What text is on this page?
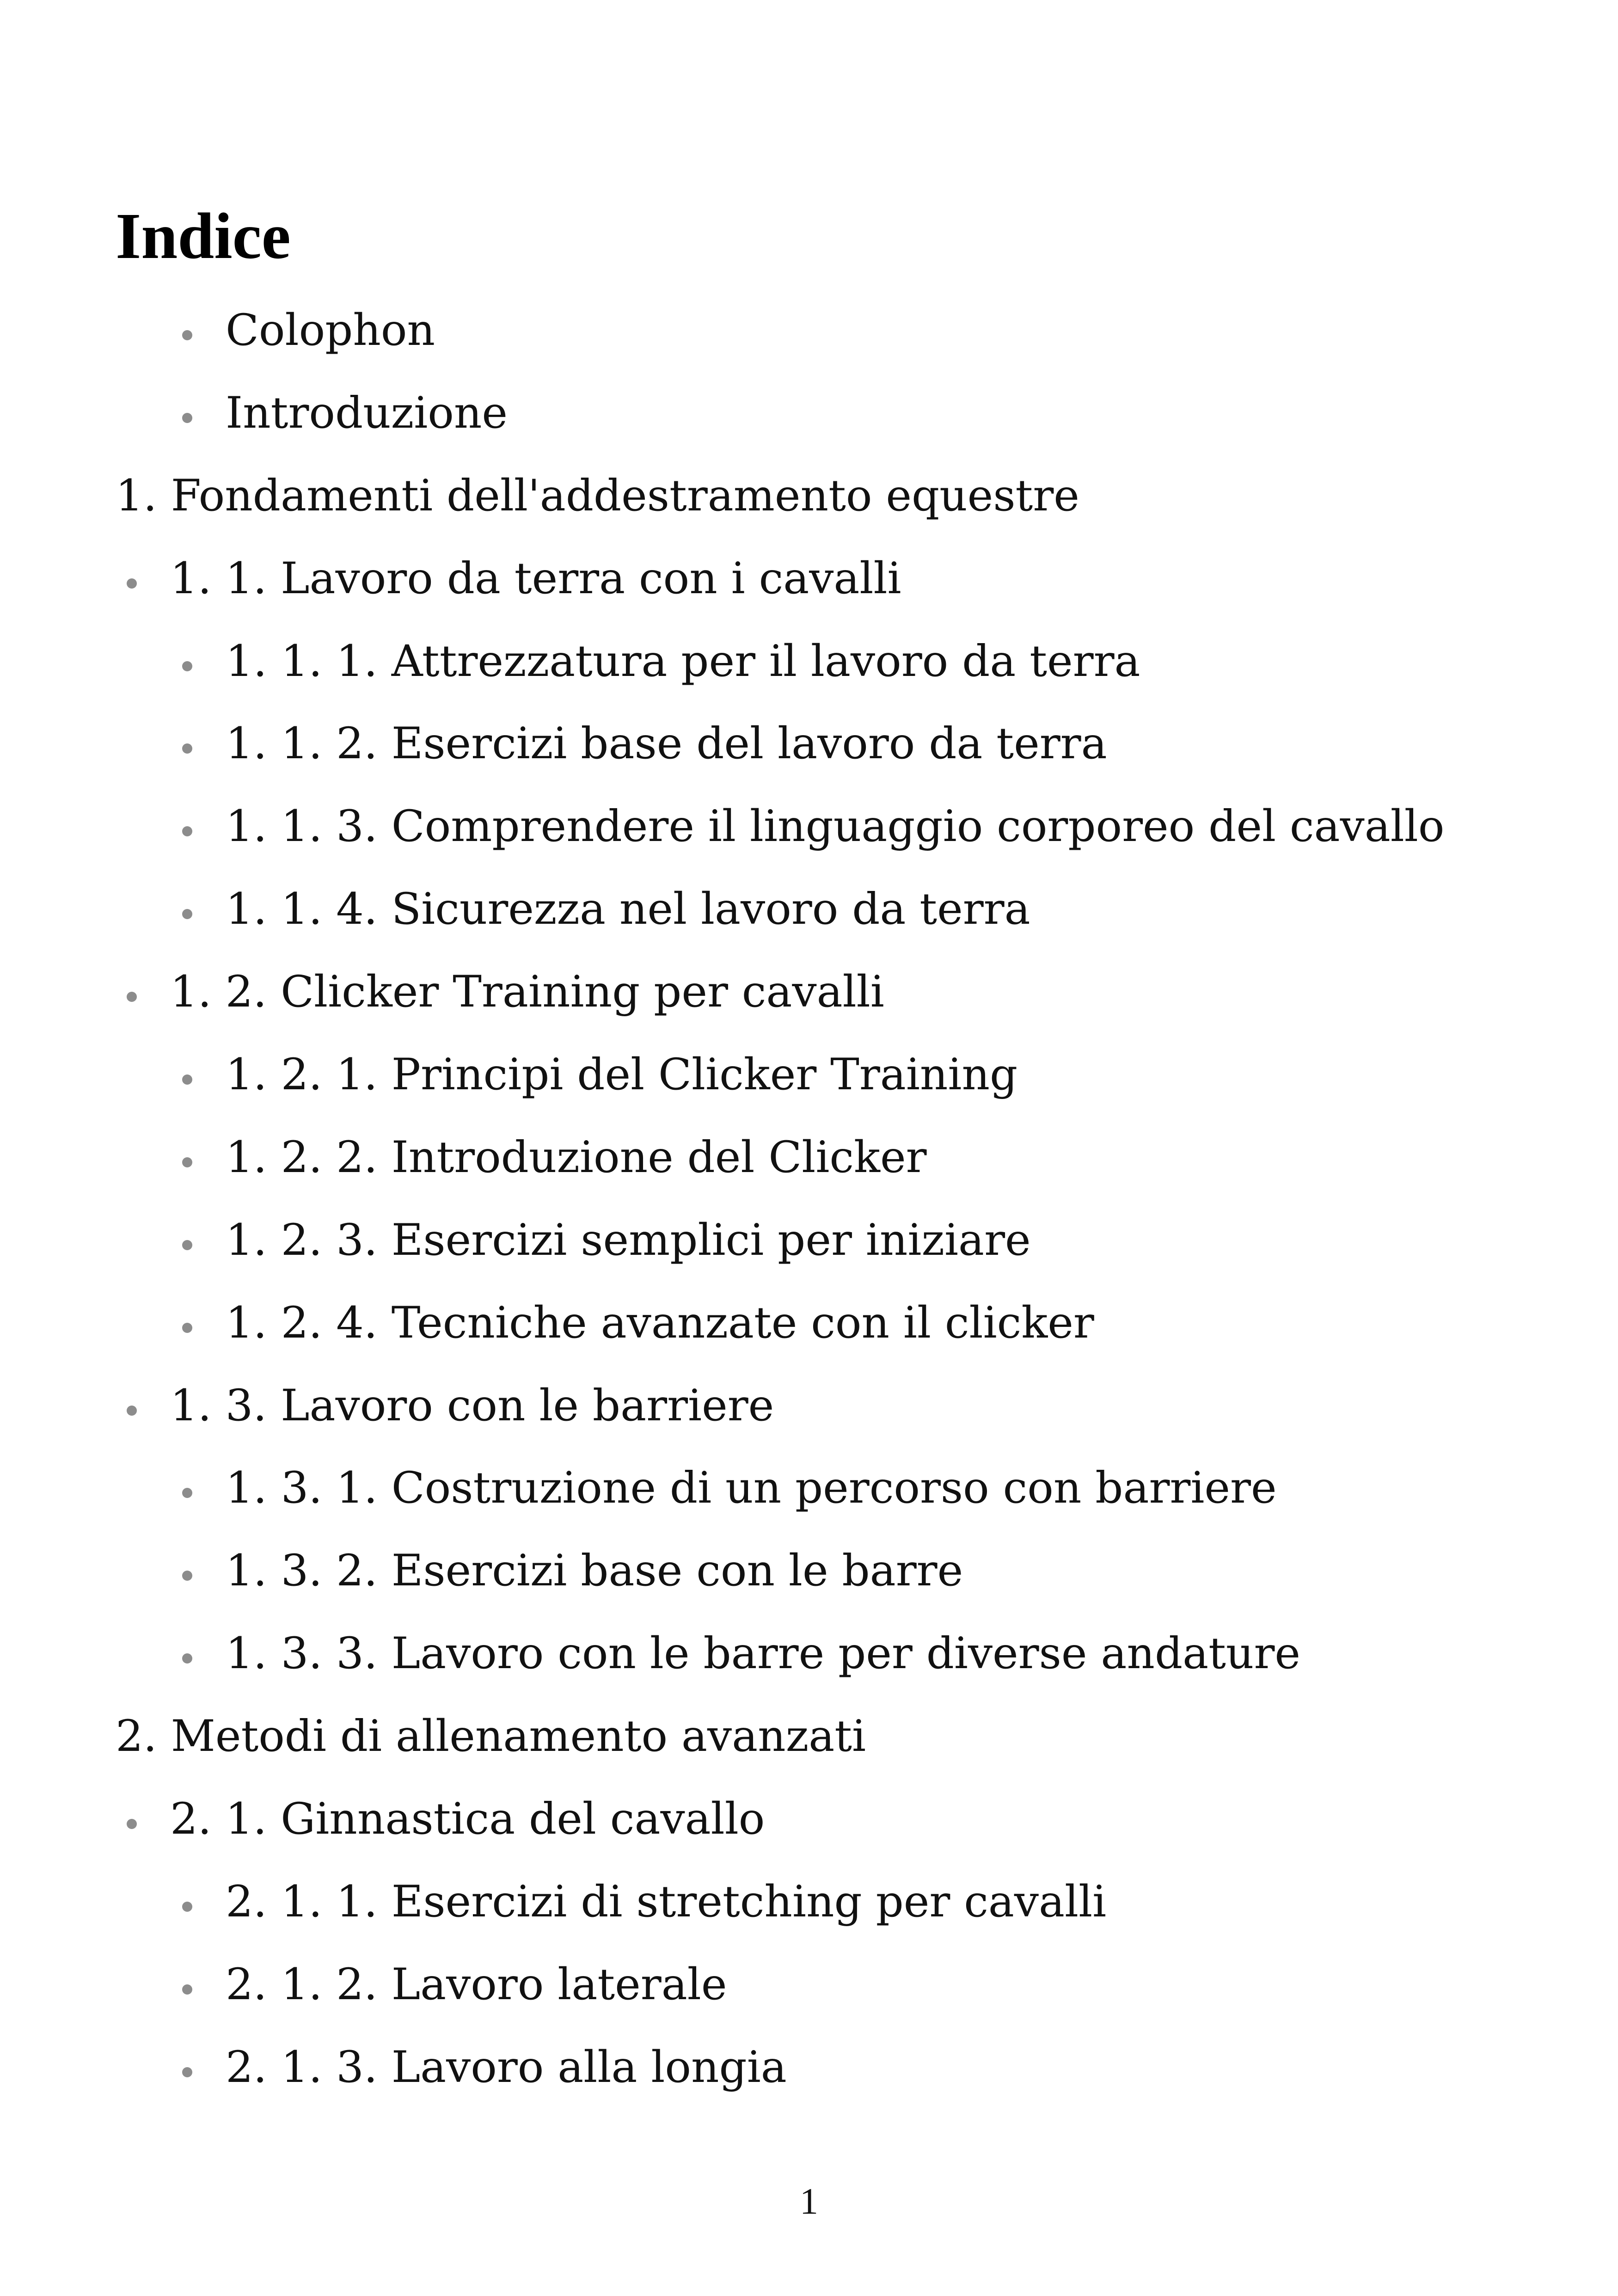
Indice
Colophon
Introduzione
1. Fondamenti dell'addestramento equestre
1. 1. Lavoro da terra con i cavalli
1. 1. 1. Attrezzatura per il lavoro da terra
1. 1. 2. Esercizi base del lavoro da terra
1. 1. 3. Comprendere il linguaggio corporeo del cavallo
1. 1. 4. Sicurezza nel lavoro da terra
1. 2. Clicker Training per cavalli
1. 2. 1. Principi del Clicker Training
1. 2. 2. Introduzione del Clicker
1. 2. 3. Esercizi semplici per iniziare
1. 2. 4. Tecniche avanzate con il clicker
1. 3. Lavoro con le barriere
1. 3. 1. Costruzione di un percorso con barriere
1. 3. 2. Esercizi base con le barre
1. 3. 3. Lavoro con le barre per diverse andature
2. Metodi di allenamento avanzati
2. 1. Ginnastica del cavallo
2. 1. 1. Esercizi di stretching per cavalli
2. 1. 2. Lavoro laterale
2. 1. 3. Lavoro alla longia
1
